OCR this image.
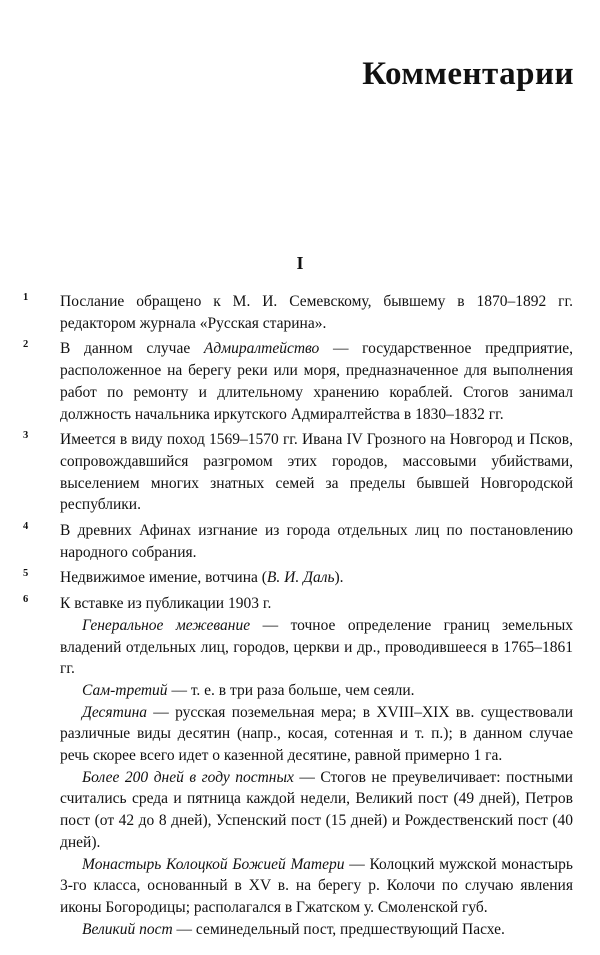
Комментарии
I
1 Послание обращено к М. И. Семевскому, бывшему в 1870–1892 гг. редактором журнала «Русская старина».

2 В данном случае Адмиралтейство — государственное предприятие, расположенное на берегу реки или моря, предназначенное для выполнения работ по ремонту и длительному хранению кораблей. Стогов занимал должность начальника иркутского Адмиралтейства в 1830–1832 гг.

3 Имеется в виду поход 1569–1570 гг. Ивана IV Грозного на Новгород и Псков, сопровождавшийся разгромом этих городов, массовыми убийствами, выселением многих знатных семей за пределы бывшей Новгородской республики.

4 В древних Афинах изгнание из города отдельных лиц по постановлению народного собрания.

5 Недвижимое имение, вотчина (В. И. Даль).

6 К вставке из публикации 1903 г.

Генеральное межевание — точное определение границ земельных владений отдельных лиц, городов, церкви и др., проводившееся в 1765–1861 гг.

Сам-третий — т. е. в три раза больше, чем сеяли.

Десятина — русская поземельная мера; в XVIII–XIX вв. существовали различные виды десятин (напр., косая, сотенная и т. п.); в данном случае речь скорее всего идет о казенной десятине, равной примерно 1 га.

Более 200 дней в году постных — Стогов не преувеличивает: постными считались среда и пятница каждой недели, Великий пост (49 дней), Петров пост (от 42 до 8 дней), Успенский пост (15 дней) и Рождественский пост (40 дней).

Монастырь Колоцкой Божией Матери — Колоцкий мужской монастырь 3-го класса, основанный в XV в. на берегу р. Колочи по случаю явления иконы Богородицы; располагался в Гжатском у. Смоленской губ.

Великий пост — семинедельный пост, предшествующий Пасхе.
